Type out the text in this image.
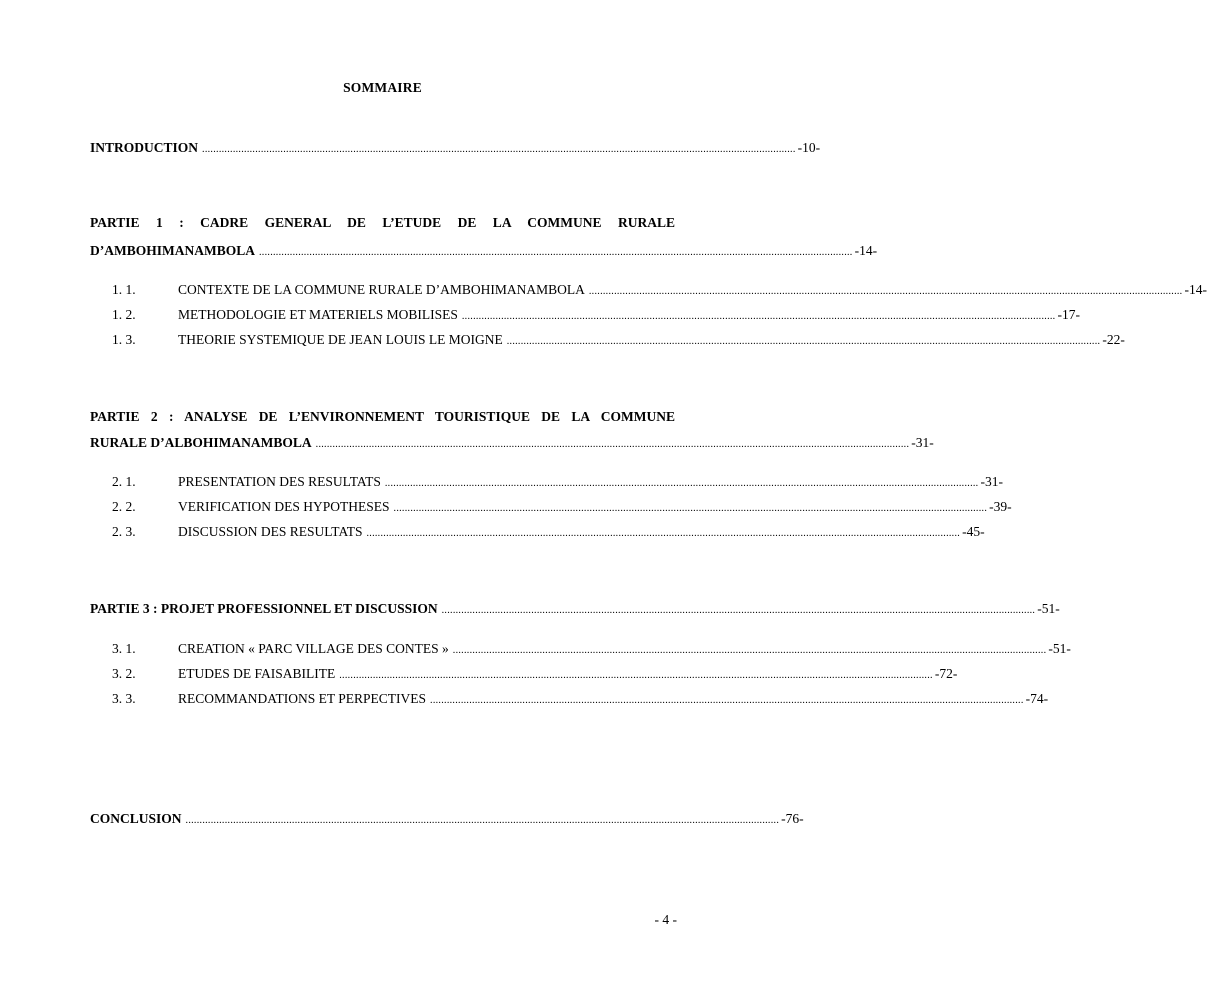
SOMMAIRE
INTRODUCTION .................................................................................................................................................................................................................... -10-
PARTIE 1 : CADRE GENERAL DE L’ETUDE DE LA COMMUNE RURALE
D’AMBOHIMANAMBOLA .................................................................................................................................................................................................................... -14-
1. 1.	CONTEXTE DE LA COMMUNE RURALE D’AMBOHIMANAMBOLA .................................................................................................................................................................................................................... -14-
1. 2.	METHODOLOGIE ET MATERIELS MOBILISES .................................................................................................................................................................................................................... -17-
1. 3.	THEORIE SYSTEMIQUE DE JEAN LOUIS LE MOIGNE .................................................................................................................................................................................................................... -22-
PARTIE 2 : ANALYSE DE L’ENVIRONNEMENT TOURISTIQUE DE LA COMMUNE
RURALE D’ALBOHIMANAMBOLA .................................................................................................................................................................................................................... -31-
2. 1.	PRESENTATION DES RESULTATS .................................................................................................................................................................................................................... -31-
2. 2.	VERIFICATION DES HYPOTHESES .................................................................................................................................................................................................................... -39-
2. 3.	DISCUSSION DES RESULTATS .................................................................................................................................................................................................................... -45-
PARTIE 3 : PROJET PROFESSIONNEL ET DISCUSSION .................................................................................................................................................................................................................... -51-
3. 1.	CREATION « PARC VILLAGE DES CONTES » .................................................................................................................................................................................................................... -51-
3. 2.	ETUDES DE FAISABILITE .................................................................................................................................................................................................................... -72-
3. 3.	RECOMMANDATIONS ET PERPECTIVES .................................................................................................................................................................................................................... -74-
CONCLUSION .................................................................................................................................................................................................................... -76-
- 4 -
